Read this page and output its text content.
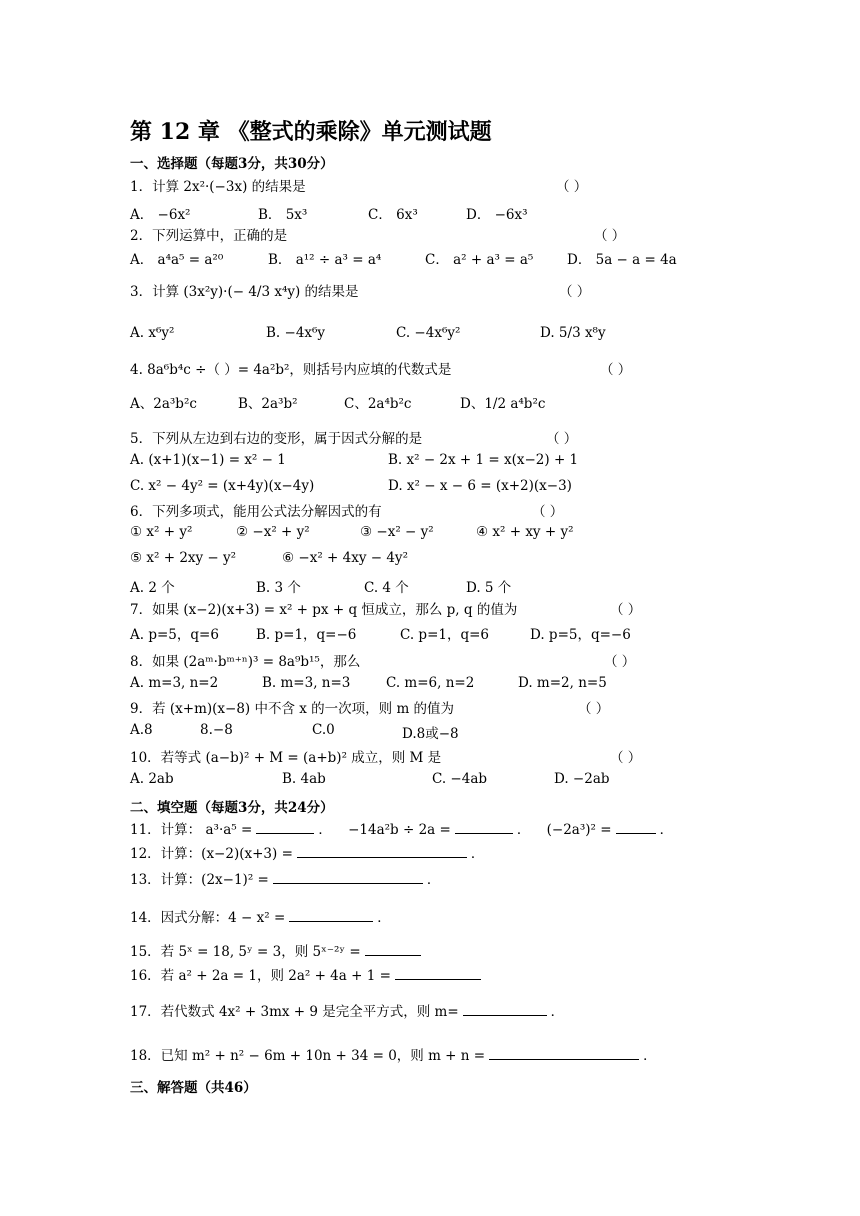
第 12 章 《整式的乘除》单元测试题
一、选择题（每题3分，共30分）
1．计算 2x²·(−3x) 的结果是	（ ）
A． −6x²	B． 5x³	C． 6x³	D． −6x³
2．下列运算中，正确的是	（ ）
A． a⁴a⁵ = a²⁰	B． a¹² ÷ a³ = a⁴	C． a² + a³ = a⁵ D． 5a − a = 4a
3．计算 (3x²y)·(− 4/3 x⁴y) 的结果是	（ ）
A. x⁶y²	B. −4x⁶y	C. −4x⁶y²	D. 5/3 x⁸y
4. 8a⁶b⁴c ÷（ ）= 4a²b²，则括号内应填的代数式是	（ ）
A、2a³b²c	B、2a³b²	C、2a⁴b²c	D、1/2 a⁴b²c
5．下列从左边到右边的变形，属于因式分解的是	（ ）
A. (x+1)(x−1) = x² − 1	B. x² − 2x + 1 = x(x−2) + 1
C. x² − 4y² = (x+4y)(x−4y)	D. x² − x − 6 = (x+2)(x−3)
6．下列多项式，能用公式法分解因式的有	（ ）
① x² + y²	② −x² + y²	③ −x² − y²	④ x² + xy + y²
⑤ x² + 2xy − y²	⑥ −x² + 4xy − 4y²
A. 2 个	B. 3 个	C. 4 个	D. 5 个
7．如果 (x−2)(x+3) = x² + px + q 恒成立，那么 p, q 的值为	（ ）
A. p=5，q=6	B. p=1，q=−6	C. p=1，q=6	D. p=5，q=−6
8．如果 (2aᵐ·bᵐ⁺ⁿ)³ = 8a⁹b¹⁵，那么	（ ）
A. m=3, n=2	B. m=3, n=3	C. m=6, n=2	D. m=2, n=5
9．若 (x+m)(x−8) 中不含 x 的一次项，则 m 的值为	（ ）
A.8	8.−8	C.0	D.8或−8
10．若等式 (a−b)² + M = (a+b)² 成立，则 M 是	（ ）
A. 2ab	B. 4ab	C. −4ab	D. −2ab
二、填空题（每题3分，共24分）
11．计算： a³·a⁵ =	． −14a²b ÷ 2a =	． (−2a³)² =	．
12．计算：(x−2)(x+3) =	．
13．计算：(2x−1)² =	．
14．因式分解：4 − x² =	．
15．若 5ˣ = 18, 5ʸ = 3，则 5ˣ⁻²ʸ =
16．若 a² + 2a = 1，则 2a² + 4a + 1 =
17．若代数式 4x² + 3mx + 9 是完全平方式，则 m=	．
18．已知 m² + n² − 6m + 10n + 34 = 0，则 m + n =	．
三、解答题（共46）
